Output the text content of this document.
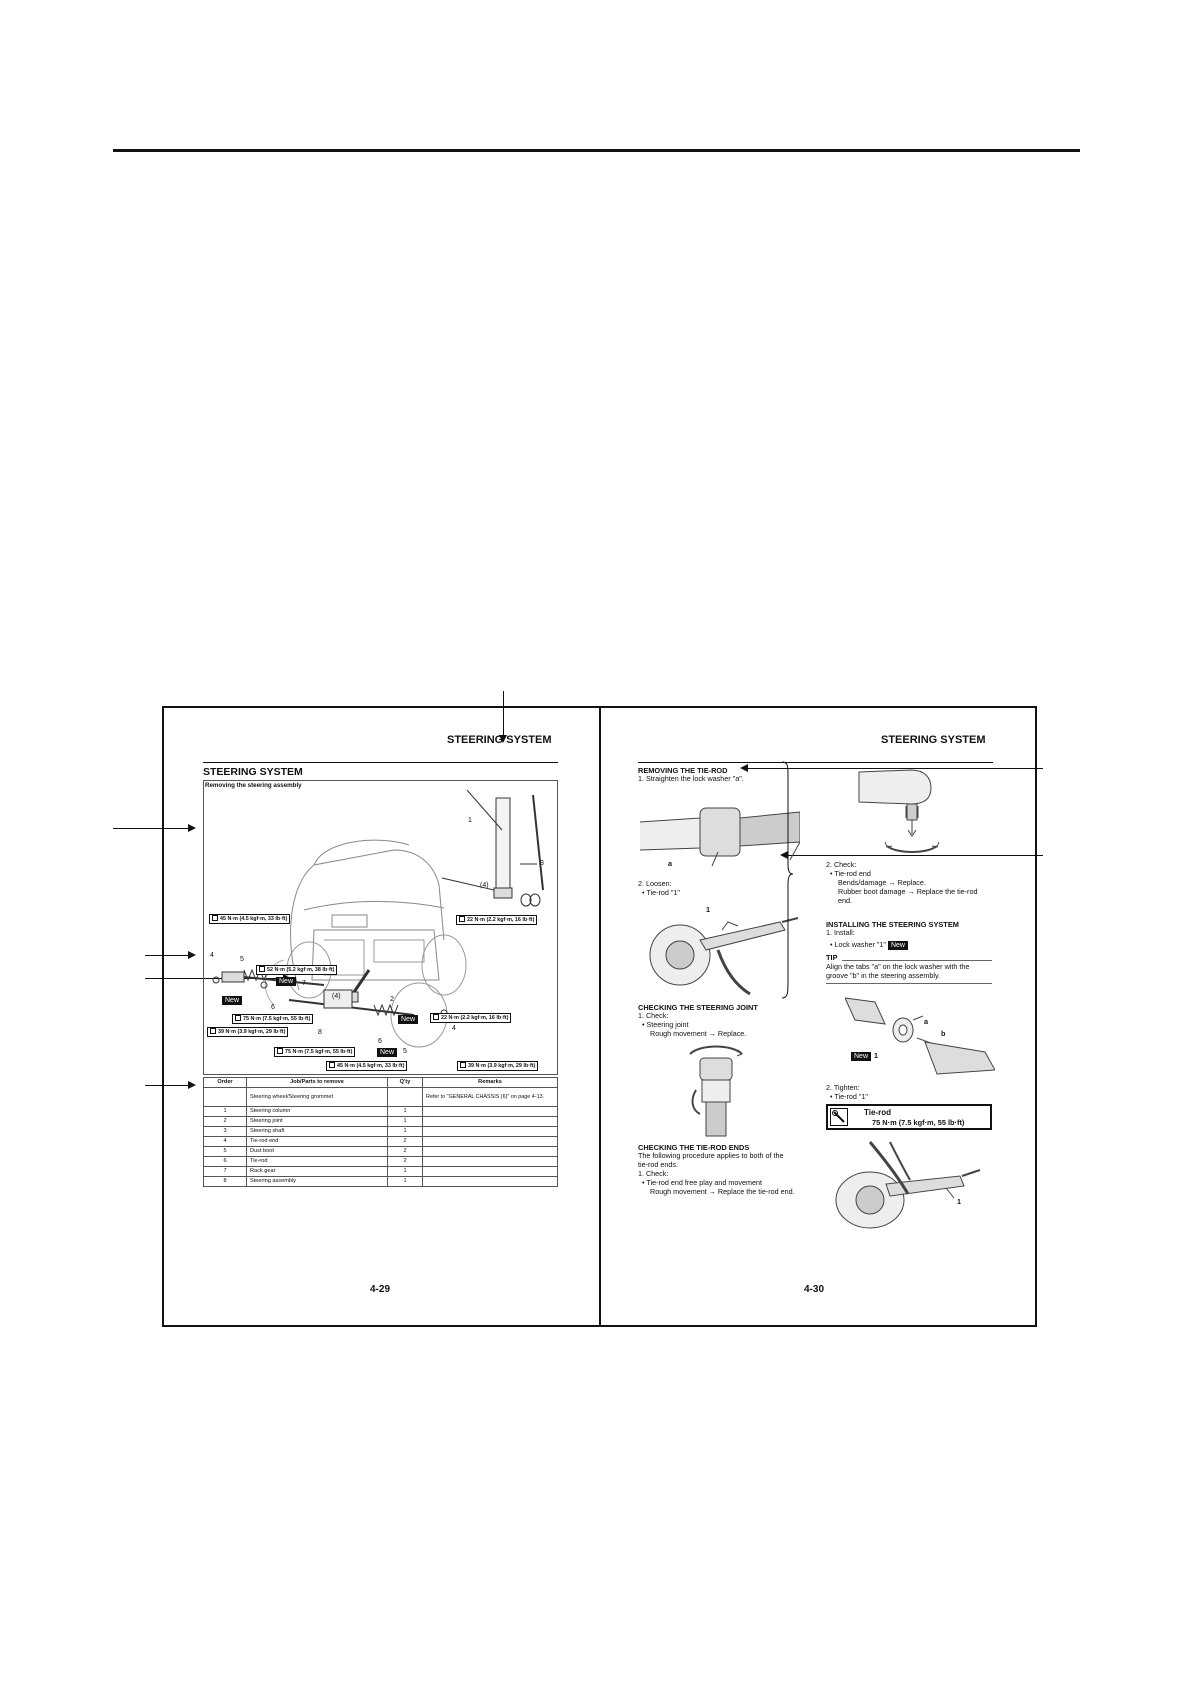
STEERING SYSTEM
STEERING SYSTEM
Removing the steering assembly
1
3
(4)
4
5
7
2
(4)
6
8
4
6
5
New
New
New
New
45 N·m (4.5 kgf·m, 33 lb·ft)	22 N·m (2.2 kgf·m, 16 lb·ft)
52 N·m (5.2 kgf·m, 38 lb·ft)
75 N·m (7.5 kgf·m, 55 lb·ft)	22 N·m (2.2 kgf·m, 16 lb·ft)
39 N·m (3.9 kgf·m, 29 lb·ft)
75 N·m (7.5 kgf·m, 55 lb·ft)
45 N·m (4.5 kgf·m, 33 lb·ft)	39 N·m (3.9 kgf·m, 29 lb·ft)
Order	Job/Parts to remove	Q'ty	Remarks
	Steering wheel/Steering grommet		Refer to "GENERAL CHASSIS (6)" on page 4-13.
1	Steering column	1	
2	Steering joint	1	
3	Steering shaft	1	
4	Tie-rod end	2	
5	Dust boot	2	
6	Tie-rod	2	
7	Rack gear	1	
8	Steering assembly	1	
4-29
STEERING SYSTEM
REMOVING THE TIE-ROD
1. Straighten the lock washer "a".
a
2. Loosen:
• Tie-rod "1"
1
CHECKING THE STEERING JOINT
1. Check:
• Steering joint
Rough movement → Replace.
CHECKING THE TIE-ROD ENDS
The following procedure applies to both of the
tie-rod ends.
1. Check:
• Tie-rod end free play and movement
Rough movement → Replace the tie-rod end.
2. Check:
• Tie-rod end
Bends/damage → Replace.
Rubber boot damage → Replace the tie-rod
end.
INSTALLING THE STEERING SYSTEM
1. Install:
• Lock washer "1" New
TIP
Align the tabs "a" on the lock washer with the
groove "b" in the steering assembly.
a
b
New 1
2. Tighten:
• Tie-rod "1"
Tie-rod
75 N·m (7.5 kgf·m, 55 lb·ft)
1
4-30
